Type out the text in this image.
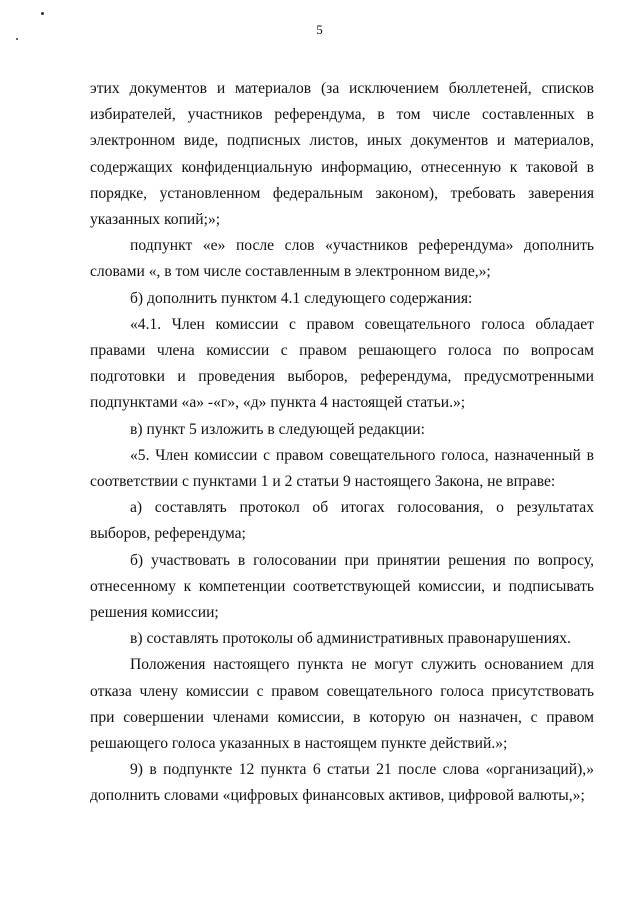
5

этих документов и материалов (за исключением бюллетеней, списков избирателей, участников референдума, в том числе составленных в электронном виде, подписных листов, иных документов и материалов, содержащих конфиденциальную информацию, отнесенную к таковой в порядке, установленном федеральным законом), требовать заверения указанных копий;»;

подпункт «е» после слов «участников референдума» дополнить словами «, в том числе составленным в электронном виде,»;

б) дополнить пунктом 4.1 следующего содержания:

«4.1. Член комиссии с правом совещательного голоса обладает правами члена комиссии с правом решающего голоса по вопросам подготовки и проведения выборов, референдума, предусмотренными подпунктами «а» -«г», «д» пункта 4 настоящей статьи.»;

в) пункт 5 изложить в следующей редакции:

«5. Член комиссии с правом совещательного голоса, назначенный в соответствии с пунктами 1 и 2 статьи 9 настоящего Закона, не вправе:

а) составлять протокол об итогах голосования, о результатах выборов, референдума;

б) участвовать в голосовании при принятии решения по вопросу, отнесенному к компетенции соответствующей комиссии, и подписывать решения комиссии;

в) составлять протоколы об административных правонарушениях.

Положения настоящего пункта не могут служить основанием для отказа члену комиссии с правом совещательного голоса присутствовать при совершении членами комиссии, в которую он назначен, с правом решающего голоса указанных в настоящем пункте действий.»;

9) в подпункте 12 пункта 6 статьи 21 после слова «организаций),» дополнить словами «цифровых финансовых активов, цифровой валюты,»;
